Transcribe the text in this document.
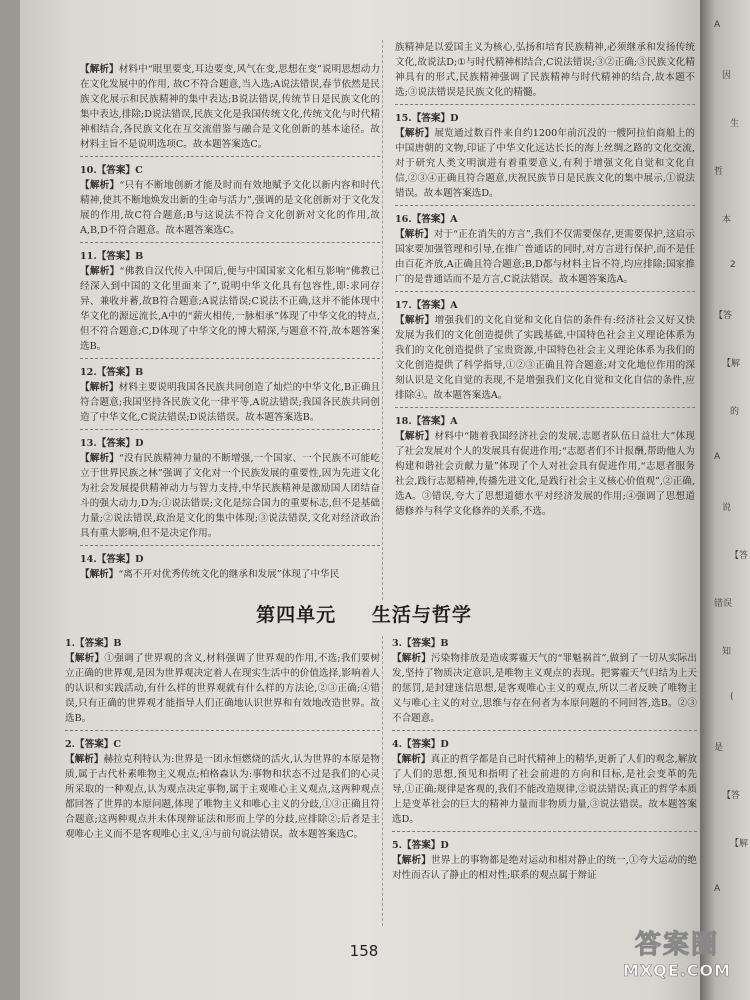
【解析】材料中“眼里要变,耳边要变,风气在变,思想在变”说明思想动力在文化发展中的作用, 故C不符合题意,当入选;A说法错误,春节依然是民族文化展示和民族精神的集中表达;B说法错误,传统节日是民族文化的集中表达,排除;D说法错误,民族文化是我国传统文化,传统文化与时代精神相结合,各民族文化在互交流借鉴与融合是文化创新的基本途径。故材料主旨不是说明选项C。故本题答案选C。
10.【答案】C
【解析】“只有不断地创新才能及时而有效地赋予文化以新内容和时代精神,使其不断地焕发出新的生命与活力”,强调的是文化创新对于文化发展的作用,故C符合题意;B与这说法不符合文化创新对文化的作用,故A,B,D不符合题意。故本题答案选C。
11.【答案】B
【解析】“佛教自汉代传入中国后,便与中国国家文化相互影响“佛教已经深入到中国的文化里面来了”,说明中华文化具有包容性,即:求同存异、兼收并蓄,故B符合题意;A说法错误;C说法不正确,这并不能体现中华文化的源远流长,A中的“薪火相传,一脉相承”体现了中华文化的特点,但不符合题意;C,D体现了中华文化的博大精深,与题意不符,故本题答案选B。
12.【答案】B
【解析】材料主要说明我国各民族共同创造了灿烂的中华文化,B正确且符合题意;我国坚持各民族文化一律平等,A说法错误;我国各民族共同创造了中华文化,C说法错误;D说法错误。故本题答案选B。
13.【答案】D
【解析】“没有民族精神力量的不断增强,一个国家、一个民族不可能屹立于世界民族之林”强调了文化对一个民族发展的重要性,因为先进文化为社会发展提供精神动力与智力支持,中华民族精神是激励国人团结奋斗的强大动力,D为;①说法错误;文化是综合国力的重要标志,但不是基础力量;②说法错误,政治是文化的集中体现;③说法错误,文化对经济政治具有重大影响,但不是决定作用。
14.【答案】D
【解析】“离不开对优秀传统文化的继承和发展”体现了中华民
族精神是以爱国主义为核心,弘扬和培育民族精神,必须继承和发扬传统文化,故说法D;①与时代精神相结合,C说法错误;③②正确;③民族文化精神具有的形式,民族精神强调了民族精神与时代精神的结合,故本题不选;③说法错误是民族文化的精髓。
15.【答案】D
【解析】展览通过数百件来自约1200年前沉没的一艘阿拉伯商船上的中国唐朝的文物,印证了中华文化远达长长的海上丝绸之路的文化交流,对于研究人类文明演进有着重要意义,有利于增强文化自觉和文化自信,②③④正确且符合题意,庆祝民族节日是民族文化的集中展示,①说法错误。故本题答案选D。
16.【答案】A
【解析】对于“正在消失的方言”,我们不仅需要保存,更需要保护,这启示国家要加强管理和引导,在推广普通话的同时,对方言进行保护,而不是任由百花齐放,A正确且符合题意;B,D都与材料主旨不符,均应排除;国家推广的是普通话而不是方言,C说法错误。故本题答案选A。
17.【答案】A
【解析】增强我们的文化自觉和文化自信的条件有:经济社会又好又快发展为我们的文化创造提供了实践基础,中国特色社会主义理论体系为我们的文化创造提供了宝贵资源,中国特色社会主义理论体系为我们的文化创造提供了科学指导,①②③正确且符合题意;对文化地位作用的深刻认识是文化自觉的表现,不是增强我们文化自觉和文化自信的条件,应排除④。故本题答案选A。
18.【答案】A
【解析】材料中“随着我国经济社会的发展,志愿者队伍日益壮大”体现了社会发展对个人的发展具有促进作用;“志愿者们不计报酬,帮助他人为构建和谐社会贡献力量”体现了个人对社会具有促进作用,“志愿者服务社会,践行志愿精神,传播先进文化,是践行社会主义核心价值观”,②正确,选A。③错误,夸大了思想道德水平对经济发展的作用;④强调了思想道德修养与科学文化修养的关系,不选。
第四单元 生活与哲学
1.【答案】B
【解析】①强调了世界观的含义,材料强调了世界观的作用,不选;我们要树立正确的世界观,是因为世界观决定着人在现实生活中的价值选择,影响着人的认识和实践活动,有什么样的世界观就有什么样的方法论,②③正确;④错误,只有正确的世界观才能指导人们正确地认识世界和有效地改造世界。故选B。
2.【答案】C
【解析】赫拉克利特认为:世界是一团永恒燃烧的活火,认为世界的本原是物质,属于古代朴素唯物主义观点;柏格森认为:事物和状态不过是我们的心灵所采取的一种观点,认为观点决定事物,属于主观唯心主义观点,这两种观点都回答了世界的本原问题,体现了唯物主义和唯心主义的分歧,①③正确且符合题意;这两种观点并未体现辩证法和形而上学的分歧,应排除②;后者是主观唯心主义而不是客观唯心主义,④与前句说法错误。故本题答案选C。
3.【答案】B
【解析】污染物排放是造成雾霾天气的“罪魁祸首”,做到了一切从实际出发,坚持了物质决定意识,是唯物主义观点的表现。把雾霾天气归结为上天的惩罚,是封建迷信思想,是客观唯心主义的观点,所以二者反映了唯物主义与唯心主义的对立,思维与存在何者为本原问题的不同回答,选B。②③不合题意。
4.【答案】D
【解析】真正的哲学都是自己时代精神上的精华,更新了人们的观念,解放了人们的思想,预见和指明了社会前进的方向和目标,是社会变革的先导,①正确;规律是客观的,我们不能改造规律,②说法错误;真正的哲学本质上是变革社会的巨大的精神力量而非物质力量,③说法错误。故本题答案选D。
5.【答案】D
【解析】世界上的事物都是绝对运动和相对静止的统一,①夸大运动的绝对性而否认了静止的相对性;联系的观点属于辩证
158
A
因
生
哲
本
2
【答
【解
的
A
说
【答
错误
知
(
是
【答
【解
A
答案圈
MXQE.COM
